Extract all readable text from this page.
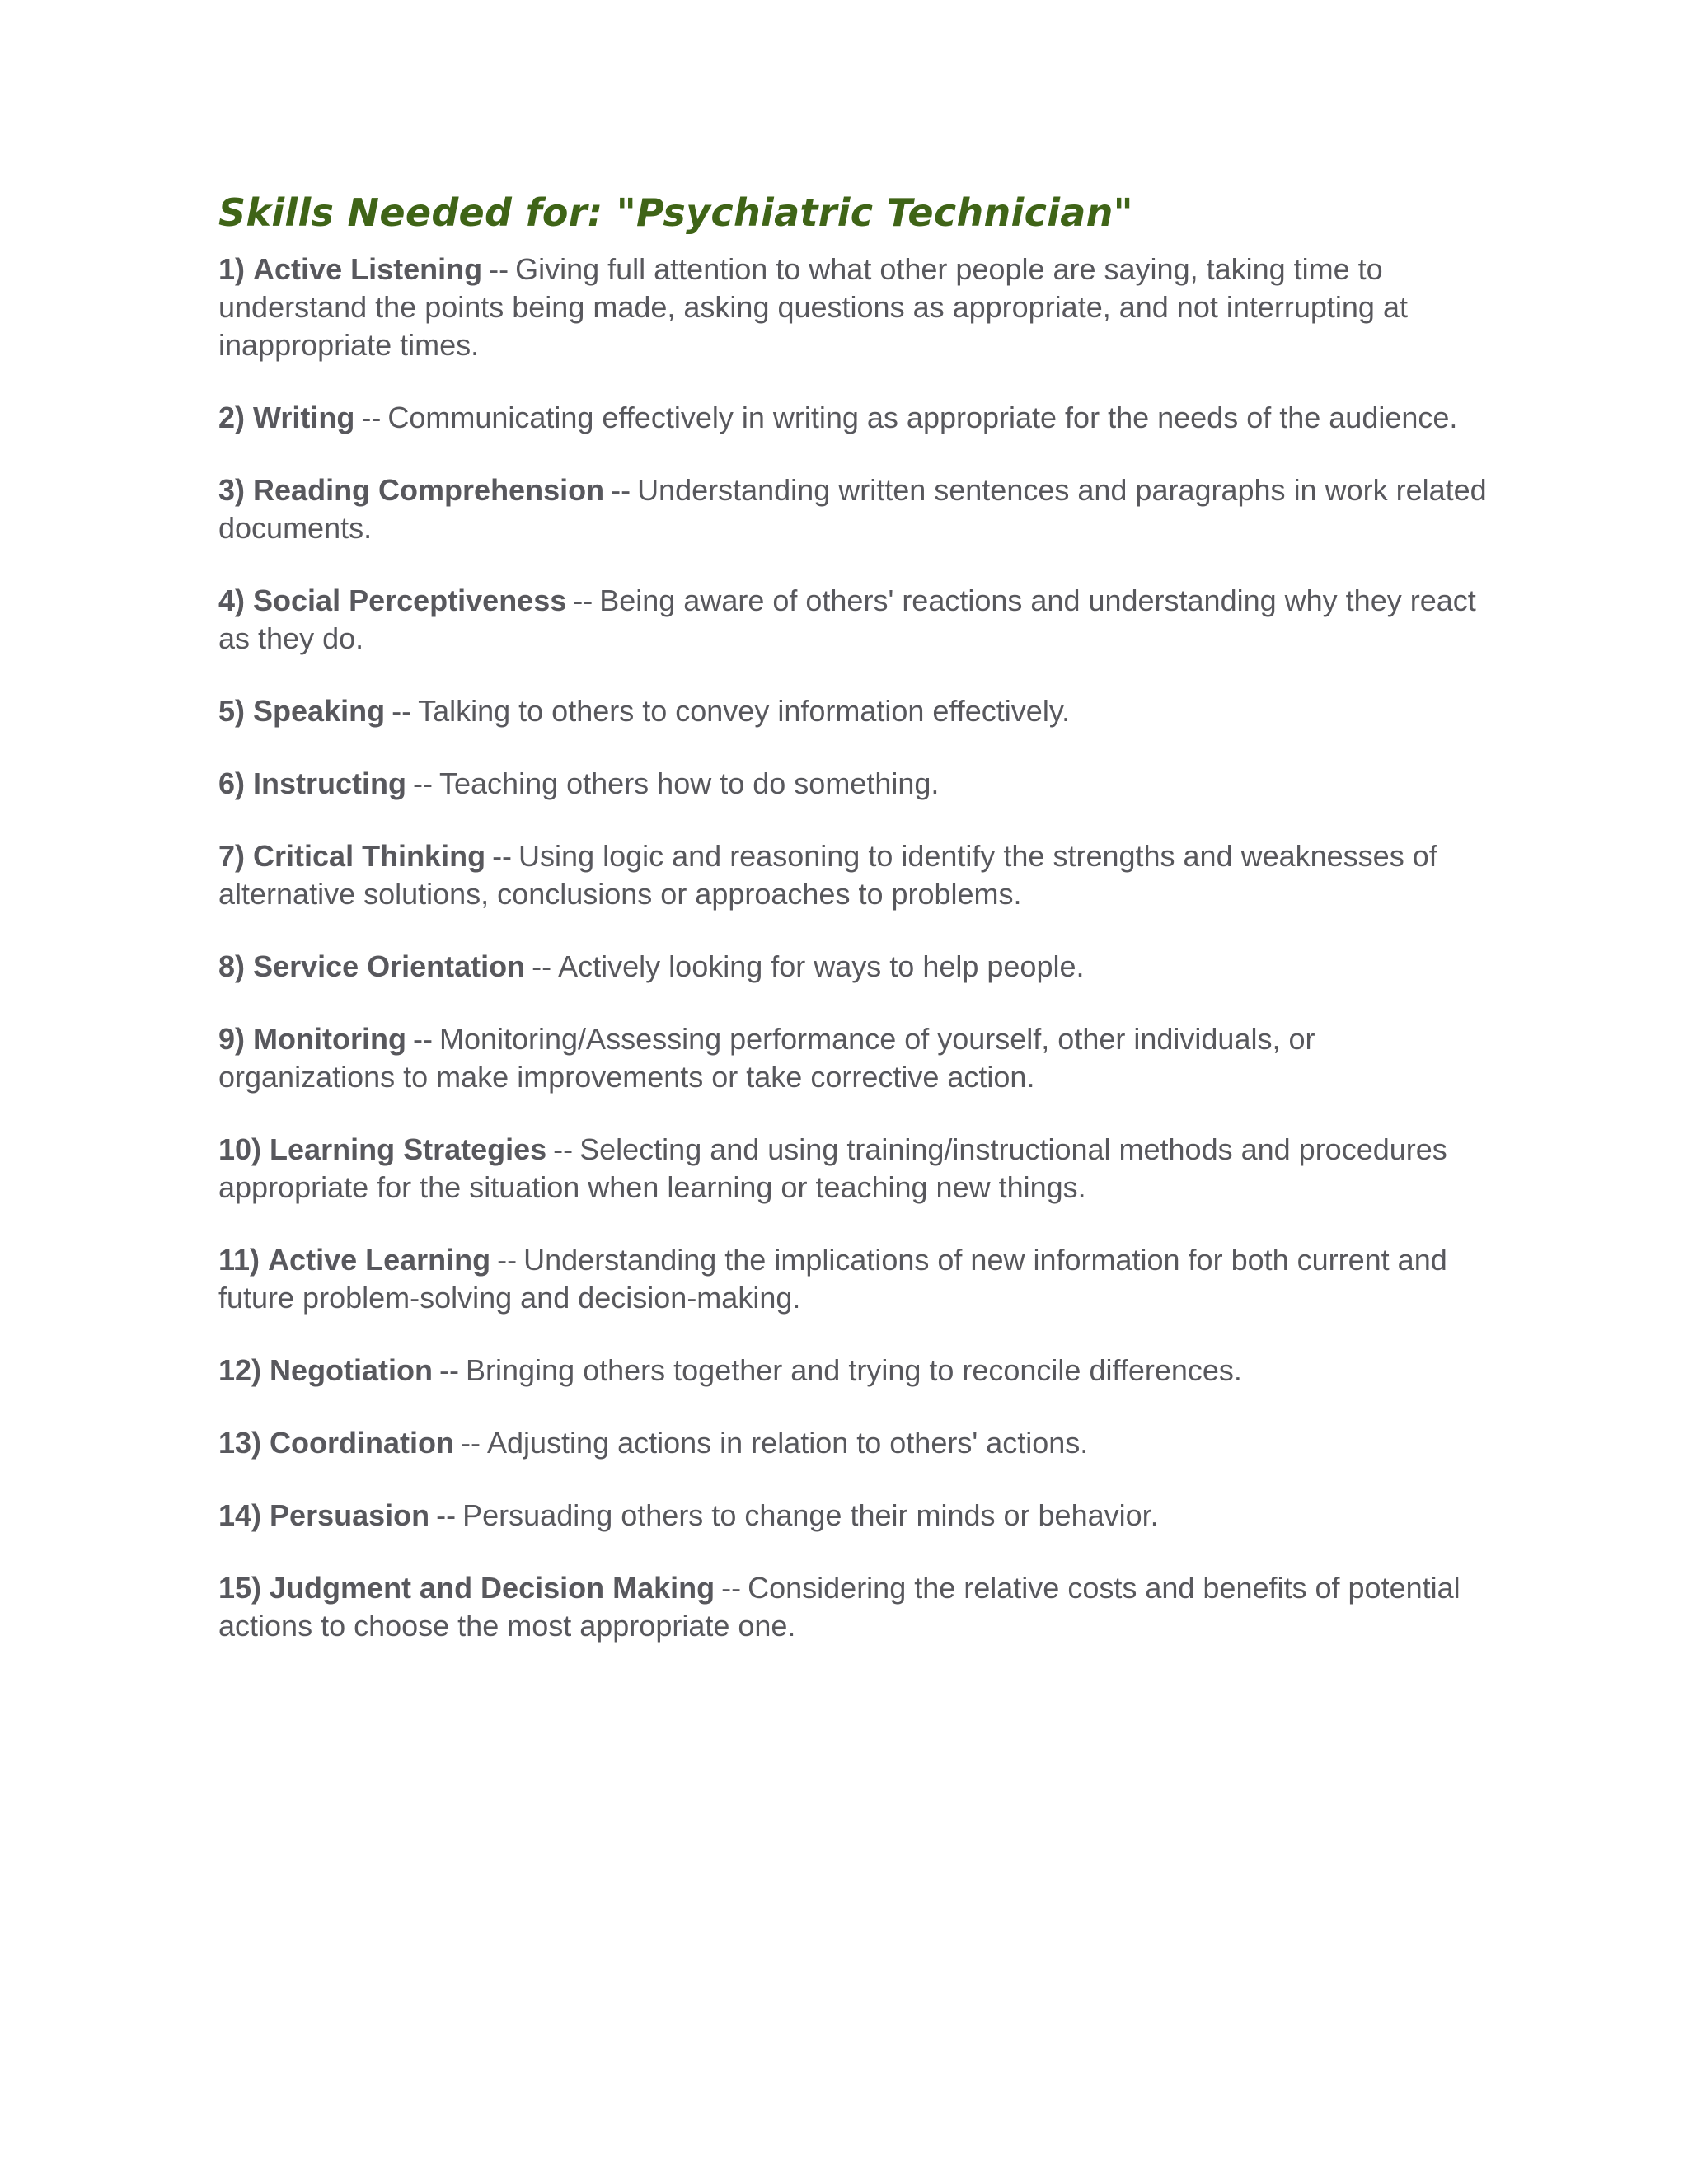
Skills Needed for: "Psychiatric Technician"
1) Active Listening -- Giving full attention to what other people are saying, taking time to understand the points being made, asking questions as appropriate, and not interrupting at inappropriate times.
2) Writing -- Communicating effectively in writing as appropriate for the needs of the audience.
3) Reading Comprehension -- Understanding written sentences and paragraphs in work related documents.
4) Social Perceptiveness -- Being aware of others' reactions and understanding why they react as they do.
5) Speaking -- Talking to others to convey information effectively.
6) Instructing -- Teaching others how to do something.
7) Critical Thinking -- Using logic and reasoning to identify the strengths and weaknesses of alternative solutions, conclusions or approaches to problems.
8) Service Orientation -- Actively looking for ways to help people.
9) Monitoring -- Monitoring/Assessing performance of yourself, other individuals, or organizations to make improvements or take corrective action.
10) Learning Strategies -- Selecting and using training/instructional methods and procedures appropriate for the situation when learning or teaching new things.
11) Active Learning -- Understanding the implications of new information for both current and future problem-solving and decision-making.
12) Negotiation -- Bringing others together and trying to reconcile differences.
13) Coordination -- Adjusting actions in relation to others' actions.
14) Persuasion -- Persuading others to change their minds or behavior.
15) Judgment and Decision Making -- Considering the relative costs and benefits of potential actions to choose the most appropriate one.
